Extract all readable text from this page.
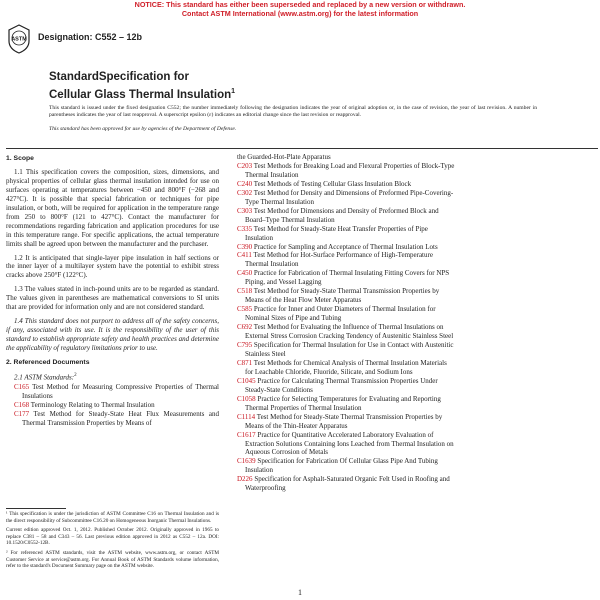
NOTICE: This standard has either been superseded and replaced by a new version or withdrawn.
Contact ASTM International (www.astm.org) for the latest information
ASTM Designation: C552 – 12b
StandardSpecification for
Cellular Glass Thermal Insulation$^1$

This standard is issued under the fixed designation C552; the number immediately following the designation indicates the year of original adoption or, in the case of revision, the year of last revision. A number in parentheses indicates the year of last reapproval. A superscript epsilon (ε) indicates an editorial change since the last revision or reapproval.

This standard has been approved for use by agencies of the Department of Defense.

1. Scope

1.1 This specification covers the composition, sizes, dimensions, and physical properties of cellular glass thermal insulation intended for use on surfaces operating at temperatures between −450 and 800°F (−268 and 427°C). It is possible that special fabrication or techniques for pipe insulation, or both, will be required for application in the temperature range from 250 to 800°F (121 to 427°C). Contact the manufacturer for recommendations regarding fabrication and application procedures for use in this temperature range. For specific applications, the actual temperature limits shall be agreed upon between the manufacturer and the purchaser.

1.2 It is anticipated that single-layer pipe insulation in half sections or the inner layer of a multilayer system have the potential to exhibit stress cracks above 250°F (122°C).

1.3 The values stated in inch-pound units are to be regarded as standard. The values given in parentheses are mathematical conversions to SI units that are provided for information only and are not considered standard.

1.4 This standard does not purport to address all of the safety concerns, if any, associated with its use. It is the responsibility of the user of this standard to establish appropriate safety and health practices and determine the applicability of regulatory limitations prior to use.

2. Referenced Documents

2.1 ASTM Standards:$^2$

C165 Test Method for Measuring Compressive Properties of Thermal Insulations
C168 Terminology Relating to Thermal Insulation
C177 Test Method for Steady-State Heat Flux Measurements and Thermal Transmission Properties by Means of

¹ This specification is under the jurisdiction of ASTM Committee C16 on Thermal Insulation and is the direct responsibility of Subcommittee C16.20 on Homogeneous Inorganic Thermal Insulations.

Current edition approved Oct. 1, 2012. Published October 2012. Originally approved in 1965 to replace C381 – 58 and C343 – 56. Last previous edition approved in 2012 as C552 – 12a. DOI: 10.1520/C0552-12B.

² For referenced ASTM standards, visit the ASTM website, www.astm.org, or contact ASTM Customer Service at service@astm.org. For Annual Book of ASTM Standards volume information, refer to the standard's Document Summary page on the ASTM website.

the Guarded-Hot-Plate Apparatus
C203 Test Methods for Breaking Load and Flexural Properties of Block-Type Thermal Insulation
C240 Test Methods of Testing Cellular Glass Insulation Block
C302 Test Method for Density and Dimensions of Preformed Pipe-Covering-Type Thermal Insulation
C303 Test Method for Dimensions and Density of Preformed Block and Board–Type Thermal Insulation
C335 Test Method for Steady-State Heat Transfer Properties of Pipe Insulation
C390 Practice for Sampling and Acceptance of Thermal Insulation Lots
C411 Test Method for Hot-Surface Performance of High-Temperature Thermal Insulation
C450 Practice for Fabrication of Thermal Insulating Fitting Covers for NPS Piping, and Vessel Lagging
C518 Test Method for Steady-State Thermal Transmission Properties by Means of the Heat Flow Meter Apparatus
C585 Practice for Inner and Outer Diameters of Thermal Insulation for Nominal Sizes of Pipe and Tubing
C692 Test Method for Evaluating the Influence of Thermal Insulations on External Stress Corrosion Cracking Tendency of Austenitic Stainless Steel
C795 Specification for Thermal Insulation for Use in Contact with Austenitic Stainless Steel
C871 Test Methods for Chemical Analysis of Thermal Insulation Materials for Leachable Chloride, Fluoride, Silicate, and Sodium Ions
C1045 Practice for Calculating Thermal Transmission Properties Under Steady-State Conditions
C1058 Practice for Selecting Temperatures for Evaluating and Reporting Thermal Properties of Thermal Insulation
C1114 Test Method for Steady-State Thermal Transmission Properties by Means of the Thin-Heater Apparatus
C1617 Practice for Quantitative Accelerated Laboratory Evaluation of Extraction Solutions Containing Ions Leached from Thermal Insulation on Aqueous Corrosion of Metals
C1639 Specification for Fabrication Of Cellular Glass Pipe And Tubing Insulation
D226 Specification for Asphalt-Saturated Organic Felt Used in Roofing and Waterproofing
1
